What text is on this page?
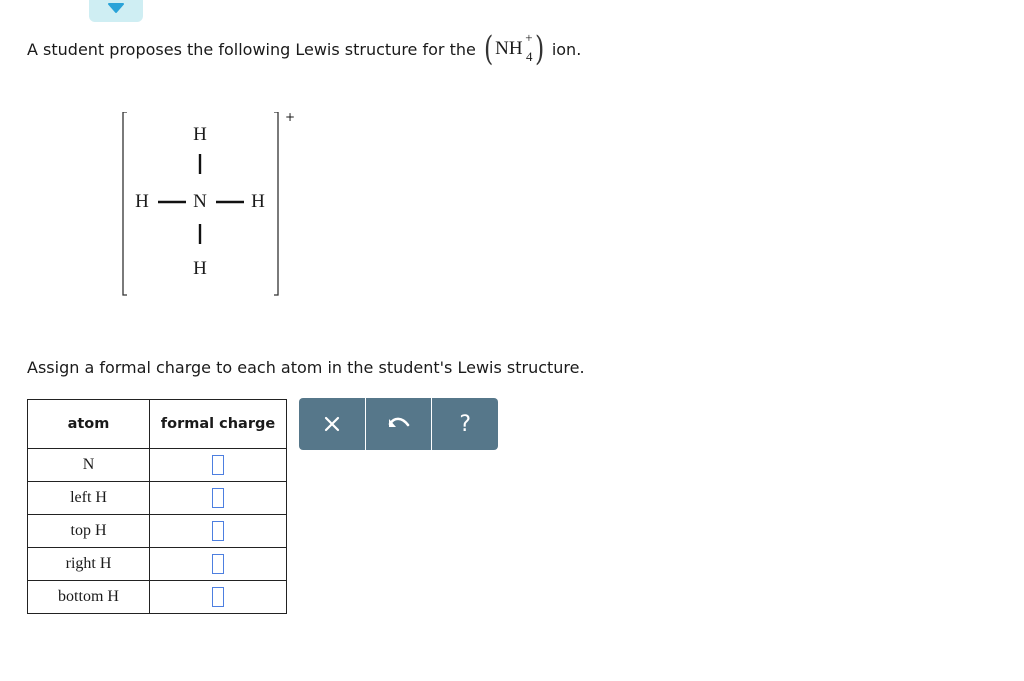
A student proposes the following Lewis structure for the ( NH
+
4 ) ion.
H
N
H
H	H
+
Assign a formal charge to each atom in the student's Lewis structure.
atom	formal charge
N	
left H	
top H	
right H	
bottom H	
?
